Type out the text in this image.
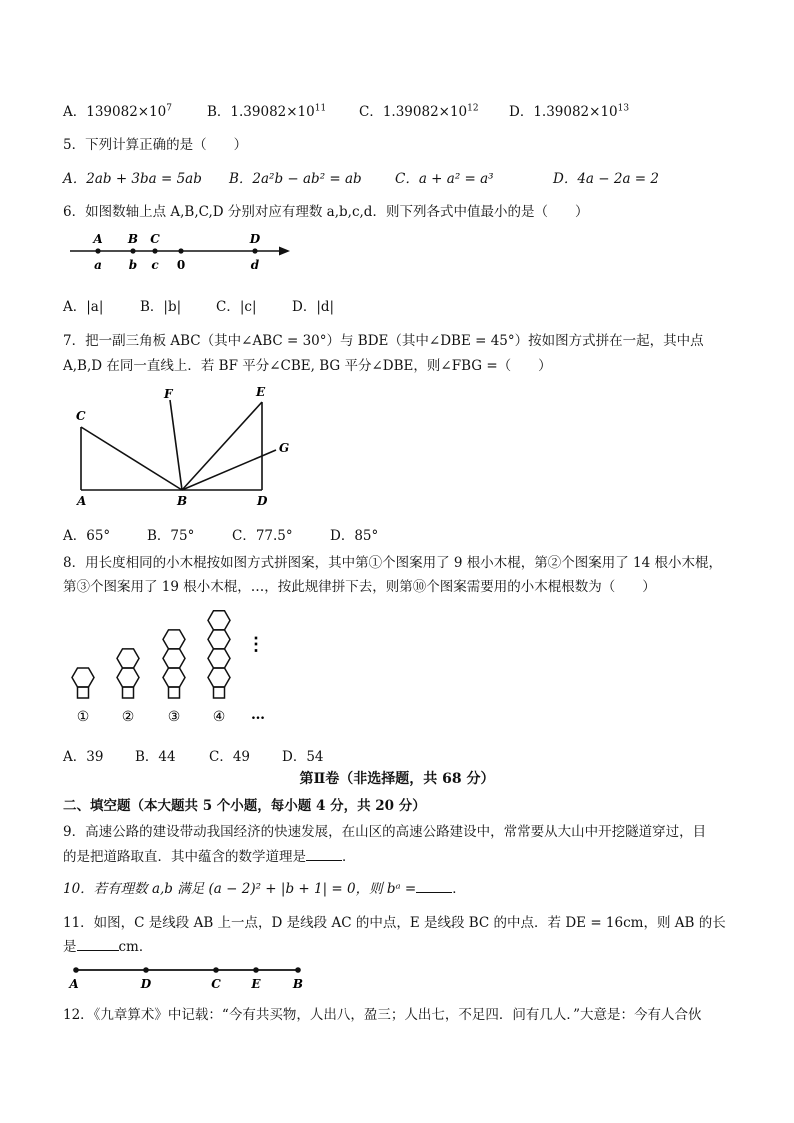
A．$139082\times 10^7$	B．$1.39082\times 10^{11}$ C．$1.39082\times 10^{12}$ D．$1.39082\times 10^{13}$
5．下列计算正确的是（　　）
A．2ab + 3ba = 5ab B．2a²b − ab² = ab C．a + a² = a³	D．4a − 2a = 2
6．如图数轴上点 A,B,C,D 分别对应有理数 a,b,c,d．则下列各式中值最小的是（　　）
A B C	D
a b c 0	d
A．|a|	B．|b|	C．|c|	D．|d|
7．把一副三角板 ABC（其中∠ABC = 30°）与 BDE（其中∠DBE = 45°）按如图方式拼在一起，其中点
A,B,D 在同一直线上．若 BF 平分∠CBE, BG 平分∠DBE，则∠FBG =（　　）
C
F	E
G
A	B	D
A．65°	B．75°	C．77.5°	D．85°
8．用长度相同的小木棍按如图方式拼图案，其中第①个图案用了 9 根小木棍，第②个图案用了 14 根小木棍，
第③个图案用了 19 根小木棍，…，按此规律拼下去，则第⑩个图案需要用的小木棍根数为（　　）
① ② ③ ④ …
⋮
A．39 B．44 C．49 D．54
第Ⅱ卷（非选择题，共 68 分）
二、填空题（本大题共 5 个小题，每小题 4 分，共 20 分）
9．高速公路的建设带动我国经济的快速发展，在山区的高速公路建设中，常常要从大山中开挖隧道穿过，目
的是把道路取直．其中蕴含的数学道理是	．
10．若有理数 a,b 满足 (a − 2)² + |b + 1| = 0，则 bᵃ =	．
11．如图，C 是线段 AB 上一点，D 是线段 AC 的中点，E 是线段 BC 的中点．若 DE = 16cm，则 AB 的长
是	cm．
A	D	C	E	B
12．《九章算术》中记载：“今有共买物，人出八，盈三；人出七，不足四．问有几人．”大意是：今有人合伙
